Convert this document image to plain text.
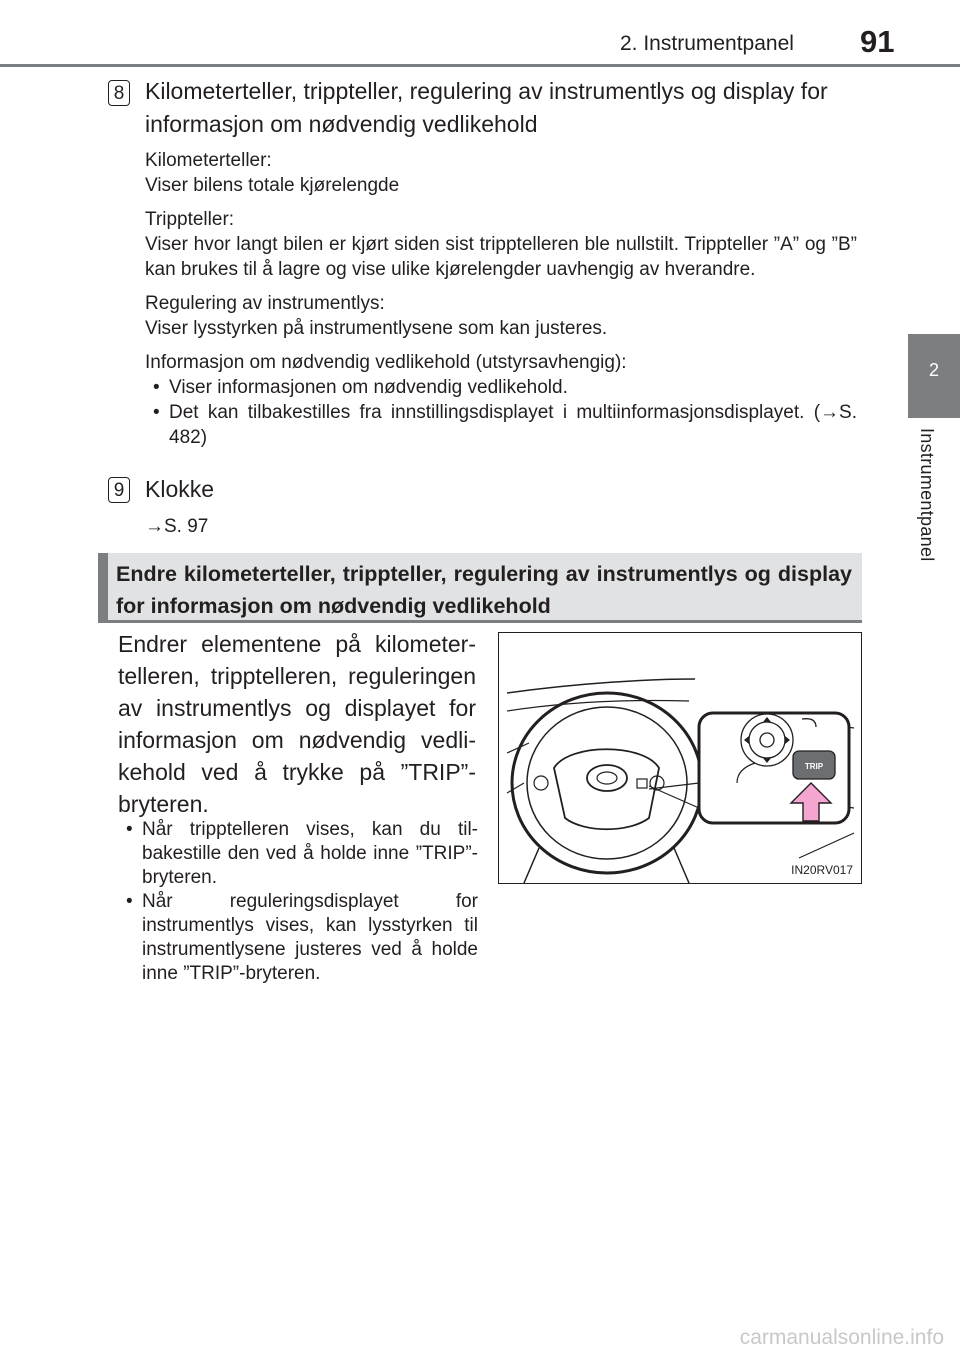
2. Instrumentpanel 91
2
Instrumentpanel
8 Kilometerteller, trippteller, regulering av instrumentlys og display for informasjon om nødvendig vedlikehold
Kilometerteller:
Viser bilens totale kjørelengde
Trippteller:
Viser hvor langt bilen er kjørt siden sist tripptelleren ble nullstilt. Trippteller ”A” og ”B” kan brukes til å lagre og vise ulike kjørelengder uavhengig av hverandre.
Regulering av instrumentlys:
Viser lysstyrken på instrumentlysene som kan justeres.
Informasjon om nødvendig vedlikehold (utstyrsavhengig):
• Viser informasjonen om nødvendig vedlikehold.
• Det kan tilbakestilles fra innstillingsdisplayet i multiinformasjonsdisplayet. (→S. 482)
9 Klokke
→S. 97
Endre kilometerteller, trippteller, regulering av instrumentlys og display for informasjon om nødvendig vedlikehold
Endrer elementene på kilometertelleren, tripptelleren, reguleringen av instrumentlys og displayet for informasjon om nødvendig vedlikehold ved å trykke på ”TRIP”-bryteren.
• Når tripptelleren vises, kan du tilbakestille den ved å holde inne ”TRIP”-bryteren.
• Når reguleringsdisplayet for instrumentlys vises, kan lysstyrken til instrumentlysene justeres ved å holde inne ”TRIP”-bryteren.
TRIP
IN20RV017
carmanualsonline.info
